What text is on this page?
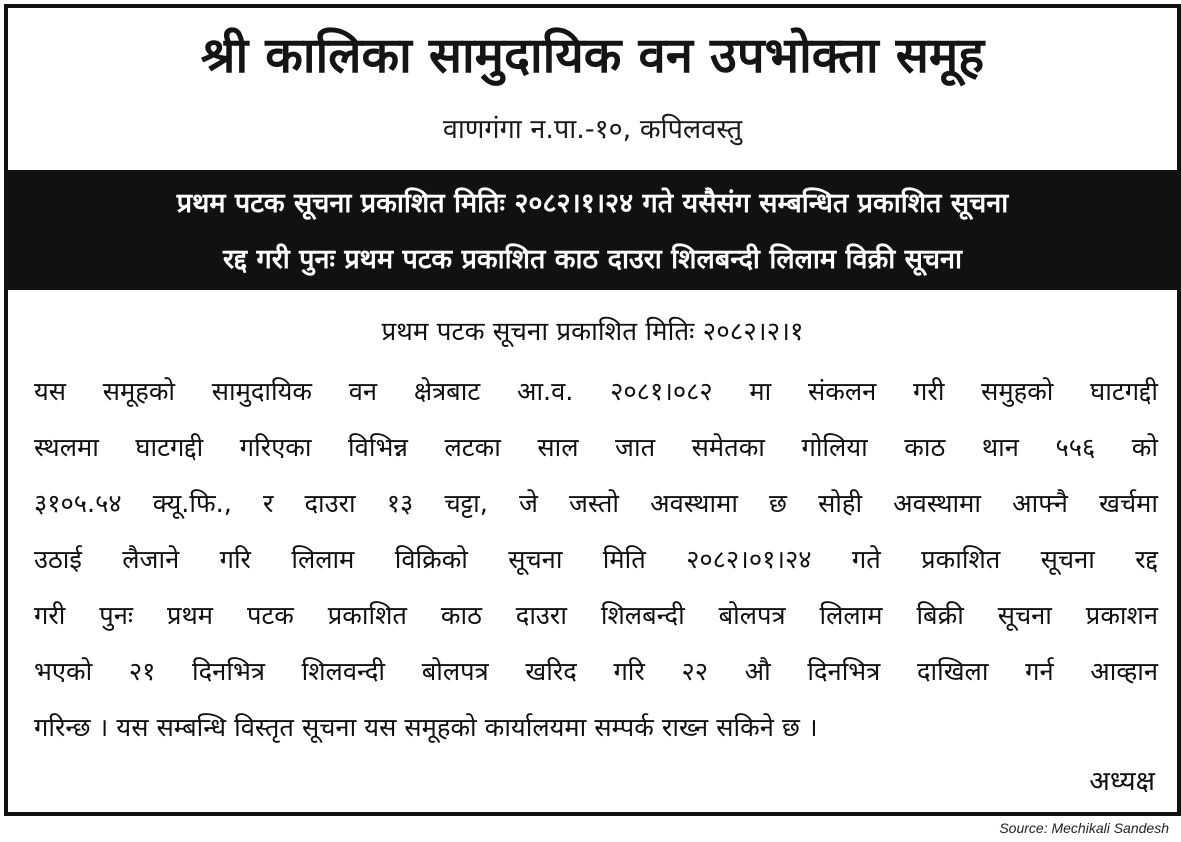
श्री कालिका सामुदायिक वन उपभोक्ता समूह
वाणगंगा न.पा.-१०, कपिलवस्तु
प्रथम पटक सूचना प्रकाशित मितिः २०८२।१।२४ गते यसैसंग सम्बन्धित प्रकाशित सूचना
रद्द गरी पुनः प्रथम पटक प्रकाशित काठ दाउरा शिलबन्दी लिलाम विक्री सूचना
प्रथम पटक सूचना प्रकाशित मितिः २०८२।२।१
यस समूहको सामुदायिक वन क्षेत्रबाट आ.व. २०८१।०८२ मा संकलन गरी समुहको घाटगद्दी
स्थलमा घाटगद्दी गरिएका विभिन्न लटका साल जात समेतका गोलिया काठ थान ५५६ को
३१०५.५४ क्यू.फि., र दाउरा १३ चट्टा, जे जस्तो अवस्थामा छ सोही अवस्थामा आफ्नै खर्चमा
उठाई लैजाने गरि लिलाम विक्रिको सूचना मिति २०८२।०१।२४ गते प्रकाशित सूचना रद्द
गरी पुनः प्रथम पटक प्रकाशित काठ दाउरा शिलबन्दी बोलपत्र लिलाम बिक्री सूचना प्रकाशन
भएको २१ दिनभित्र शिलवन्दी बोलपत्र खरिद गरि २२ औ दिनभित्र दाखिला गर्न आव्हान
गरिन्छ । यस सम्बन्धि विस्तृत सूचना यस समूहको कार्यालयमा सम्पर्क राख्न सकिने छ ।
अध्यक्ष
Source: Mechikali Sandesh
